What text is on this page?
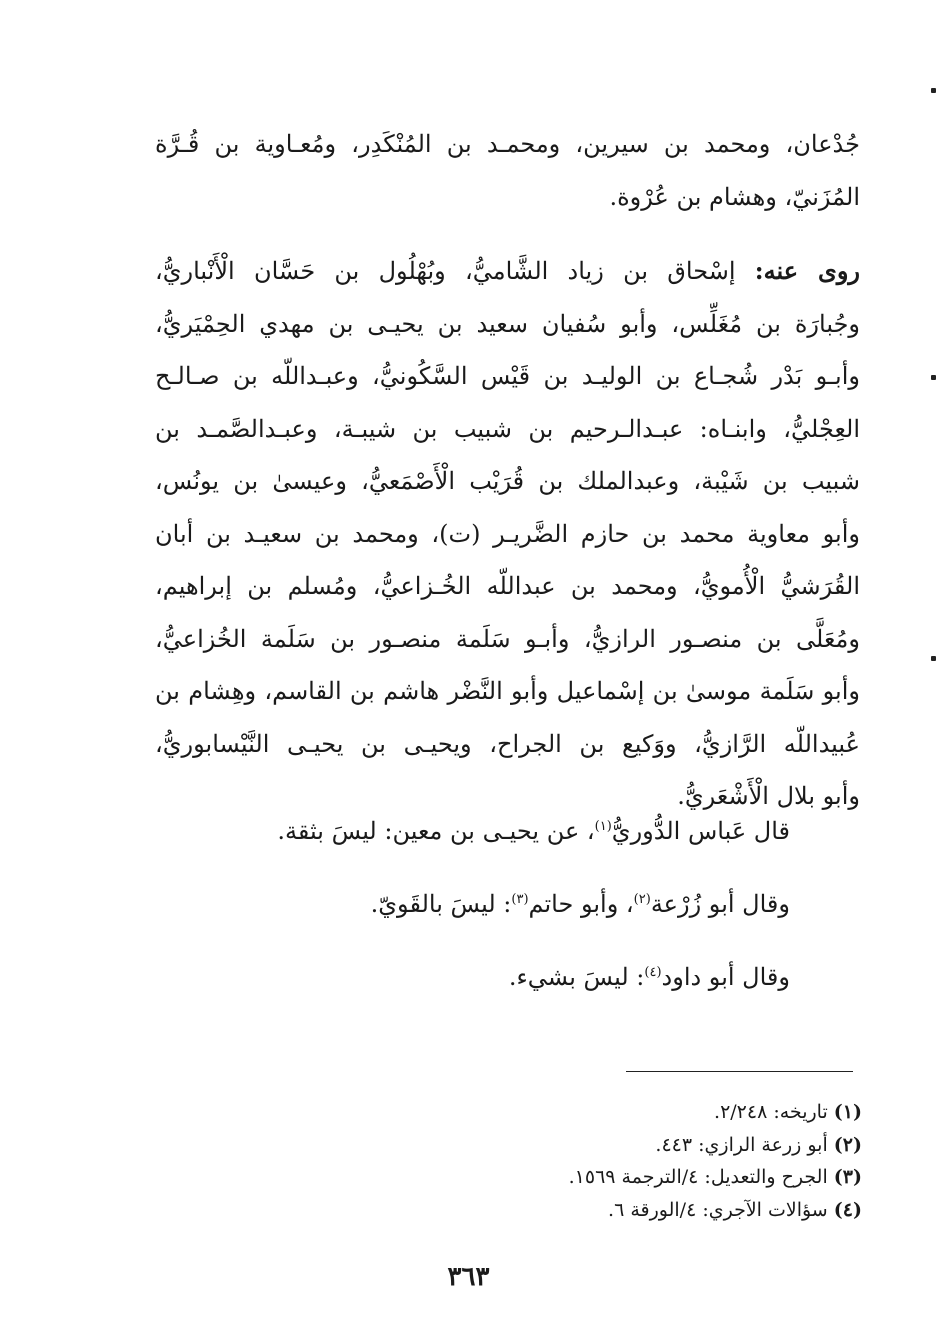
جُدْعان، ومحمد بن سيرين، ومحمـد بن المُنْكَدِر، ومُعـاوية بن قُـرَّة
المُزَنيّ، وهشام بن عُرْوة.
روى عنه: إسْحاق بن زياد الشَّاميُّ، وبُهْلُول بن حَسَّان الْأَنْباريُّ،
وجُبارَة بن مُغَلِّس، وأبو سُفيان سعيد بن يحيـى بن مهدي الحِمْيَريُّ،
وأبـو بَدْر شُجـاع بن الوليـد بن قَيْس السَّكُونيُّ، وعبـداللّه بن صـالـح
العِجْليُّ، وابنـاه: عبـدالـرحيم بن شبيب بن شيبـة، وعبـدالصَّمـد بن
شبيب بن شَيْبة، وعبدالملك بن قُرَيْب الْأَصْمَعيُّ، وعيسىٰ بن يونُس،
وأبو معاوية محمد بن حازم الضَّريـر (ت)، ومحمد بن سعيـد بن أبان
القُرَشيُّ الْأُمويُّ، ومحمد بن عبداللّه الخُـزاعيُّ، ومُسلم بن إبراهيم،
ومُعَلَّى بن منصـور الرازيُّ، وأبـو سَلَمة منصـور بن سَلَمة الخُزاعيُّ،
وأبو سَلَمة موسىٰ بن إسْماعيل وأبو النَّضْر هاشم بن القاسم، وهِشام بن
عُبيداللّه الرَّازيُّ، ووَكيع بن الجراح، ويحيـى بن يحيـى النَّيْسابوريُّ،
وأبو بلال الْأَشْعَريُّ.
قال عَباس الدُّوريُّ$^{(١)}$، عن يحيـى بن معين: ليسَ بثقة.
وقال أبو زُرْعة$^{(٢)}$، وأبو حاتم$^{(٣)}$: ليسَ بالقَويّ.
وقال أبو داود$^{(٤)}$: ليسَ بشيء.
(١) تاريخه: ٢/٢٤٨.
(٢) أبو زرعة الرازي: ٤٤٣.
(٣) الجرح والتعديل: ٤/الترجمة ١٥٦٩.
(٤) سؤالات الآجري: ٤/الورقة ٦.
٣٦٣
